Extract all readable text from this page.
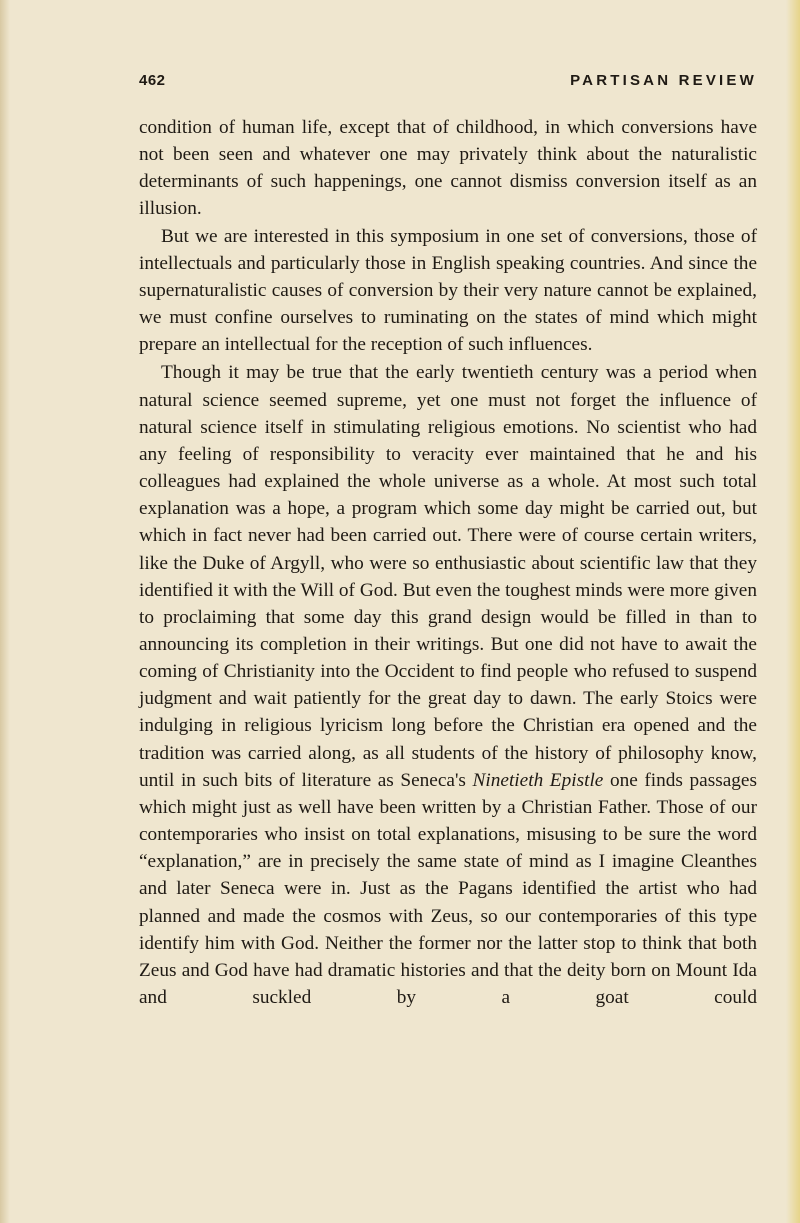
462	PARTISAN REVIEW

condition of human life, except that of childhood, in which conversions have not been seen and whatever one may privately think about the naturalistic determinants of such happenings, one cannot dismiss conversion itself as an illusion.

But we are interested in this symposium in one set of conversions, those of intellectuals and particularly those in English speaking countries. And since the supernaturalistic causes of conversion by their very nature cannot be explained, we must confine ourselves to ruminating on the states of mind which might prepare an intellectual for the reception of such influences.

Though it may be true that the early twentieth century was a period when natural science seemed supreme, yet one must not forget the influence of natural science itself in stimulating religious emotions. No scientist who had any feeling of responsibility to veracity ever maintained that he and his colleagues had explained the whole universe as a whole. At most such total explanation was a hope, a program which some day might be carried out, but which in fact never had been carried out. There were of course certain writers, like the Duke of Argyll, who were so enthusiastic about scientific law that they identified it with the Will of God. But even the toughest minds were more given to proclaiming that some day this grand design would be filled in than to announcing its completion in their writings. But one did not have to await the coming of Christianity into the Occident to find people who refused to suspend judgment and wait patiently for the great day to dawn. The early Stoics were indulging in religious lyricism long before the Christian era opened and the tradition was carried along, as all students of the history of philosophy know, until in such bits of literature as Seneca's Ninetieth Epistle one finds passages which might just as well have been written by a Christian Father. Those of our contemporaries who insist on total explanations, misusing to be sure the word “explanation,” are in precisely the same state of mind as I imagine Cleanthes and later Seneca were in. Just as the Pagans identified the artist who had planned and made the cosmos with Zeus, so our contemporaries of this type identify him with God. Neither the former nor the latter stop to think that both Zeus and God have had dramatic histories and that the deity born on Mount Ida and suckled by a goat could
